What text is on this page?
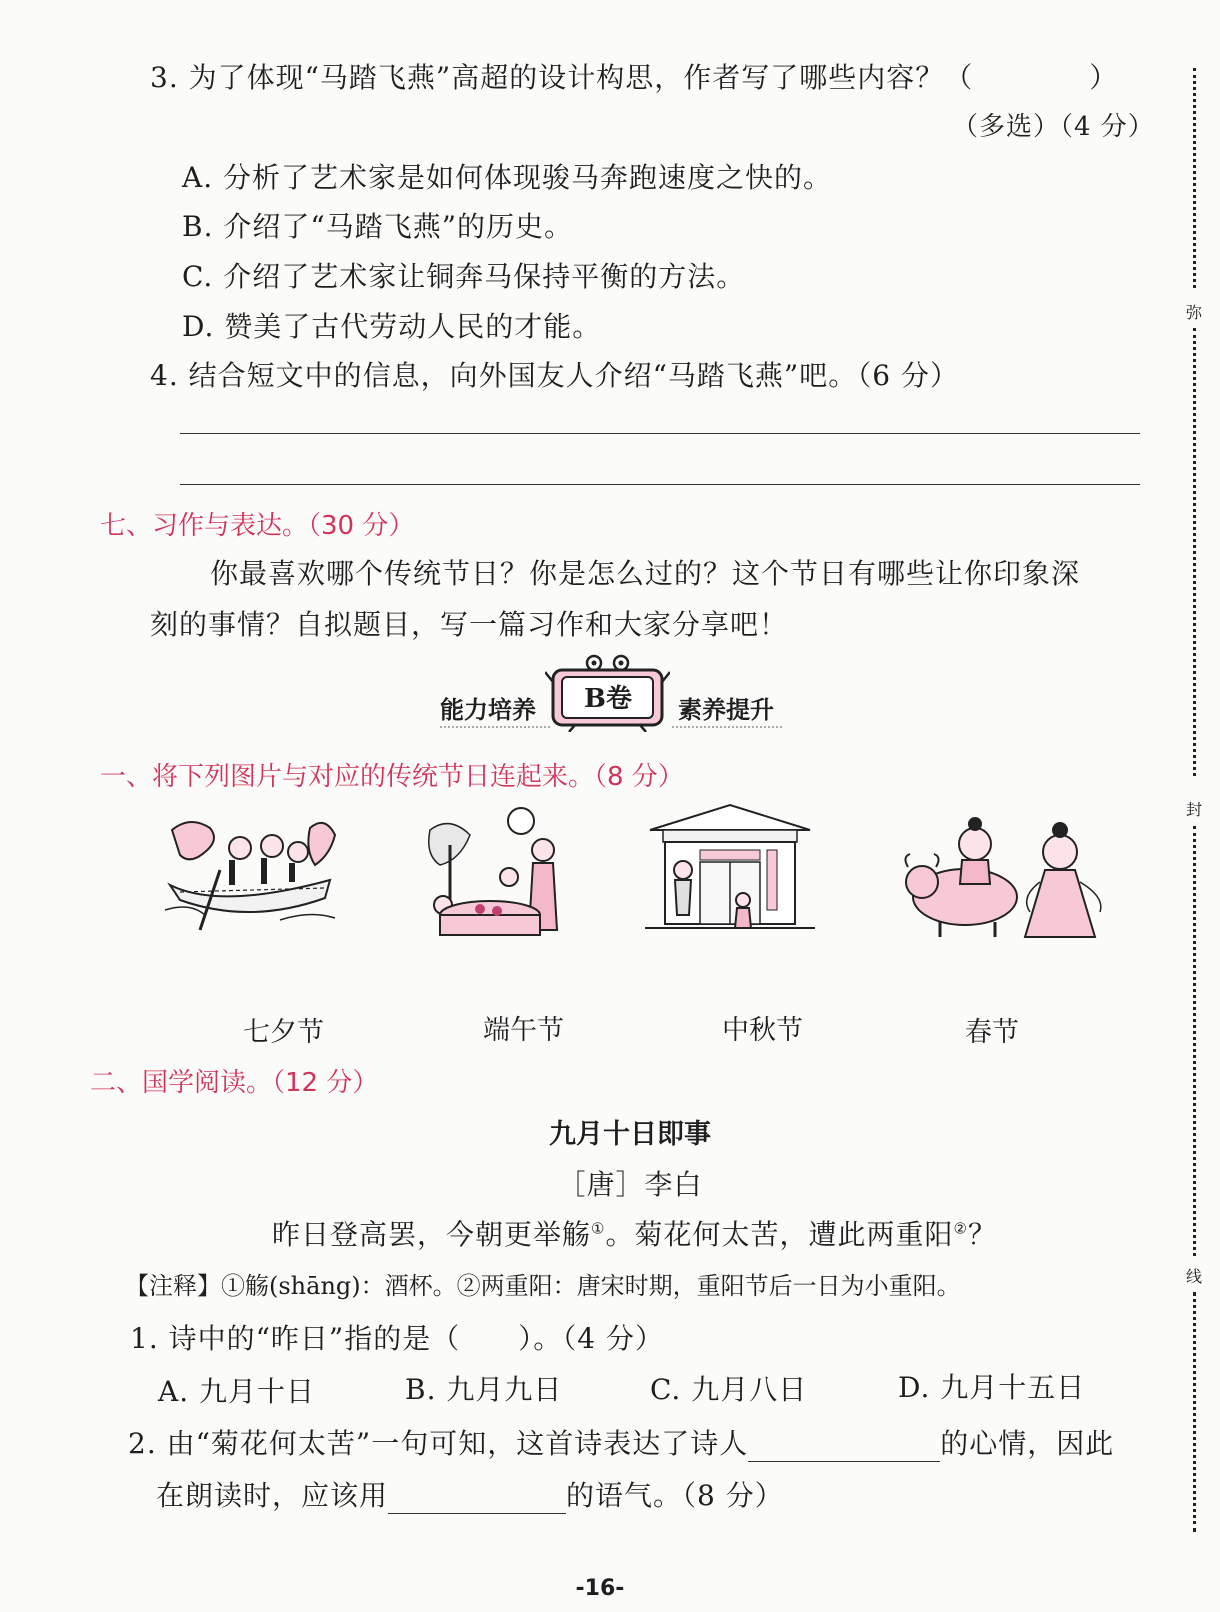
弥
封
线
3. 为了体现“马踏飞燕”高超的设计构思，作者写了哪些内容？（　　　　）
（多选）（4 分）
A. 分析了艺术家是如何体现骏马奔跑速度之快的。
B. 介绍了“马踏飞燕”的历史。
C. 介绍了艺术家让铜奔马保持平衡的方法。
D. 赞美了古代劳动人民的才能。
4. 结合短文中的信息，向外国友人介绍“马踏飞燕”吧。（6 分）
七、习作与表达。（30 分）
你最喜欢哪个传统节日？你是怎么过的？这个节日有哪些让你印象深
刻的事情？自拟题目，写一篇习作和大家分享吧！
能力培养	B卷	素养提升
一、将下列图片与对应的传统节日连起来。（8 分）
七夕节	端午节	中秋节	春节
二、国学阅读。（12 分）
九月十日即事
［唐］李白
昨日登高罢，今朝更举觞①。菊花何太苦，遭此两重阳②？
【注释】①觞(shāng)：酒杯。②两重阳：唐宋时期，重阳节后一日为小重阳。
1. 诗中的“昨日”指的是（　　）。（4 分）
A. 九月十日	B. 九月九日	C. 九月八日	D. 九月十五日
2. 由“菊花何太苦”一句可知，这首诗表达了诗人	的心情，因此
在朗读时，应该用	的语气。（8 分）
-16-
